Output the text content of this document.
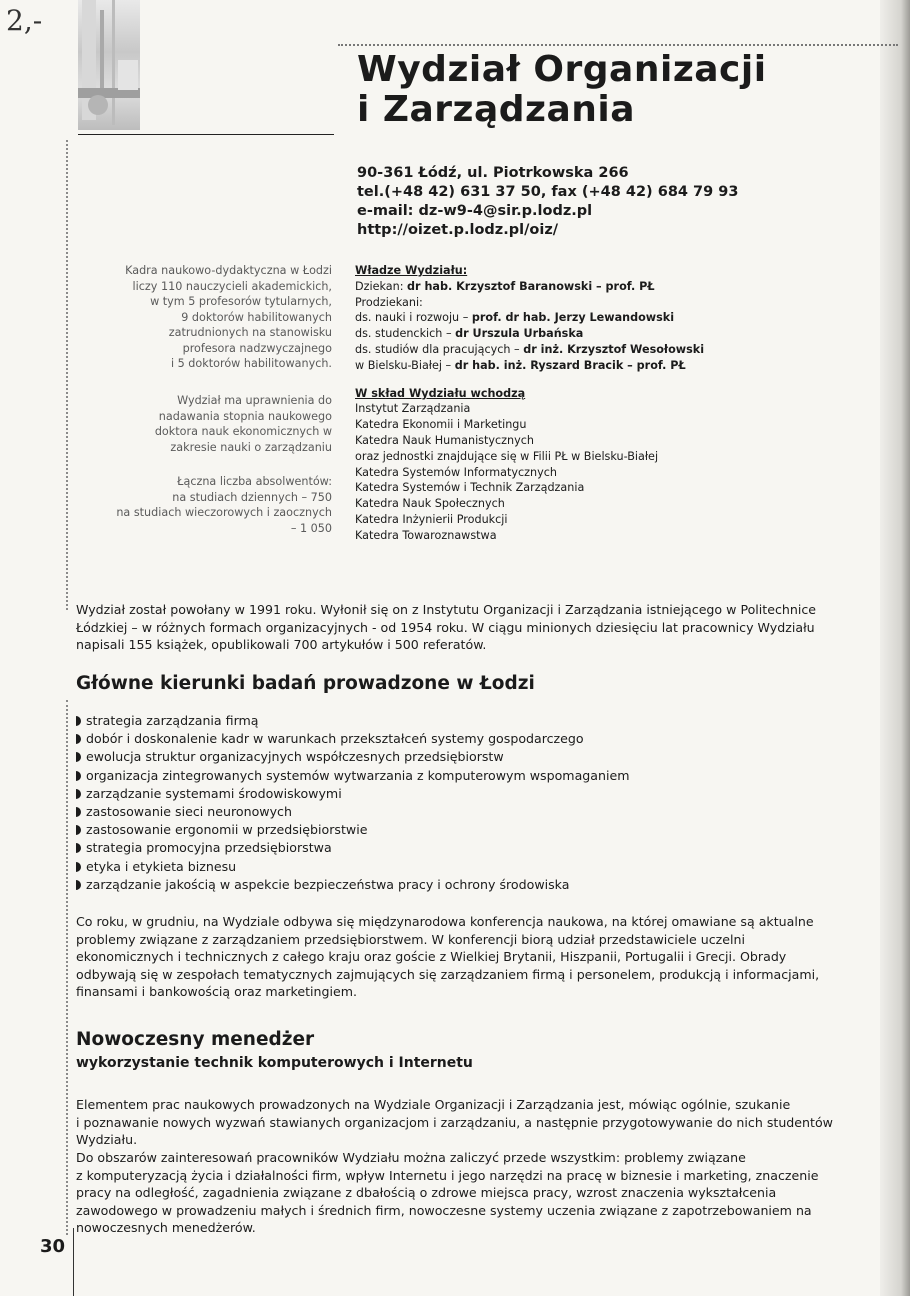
2,-
Wydział Organizacji
i Zarządzania
90-361 Łódź, ul. Piotrkowska 266
tel.(+48 42) 631 37 50, fax (+48 42) 684 79 93
e-mail: dz-w9-4@sir.p.lodz.pl
http://oizet.p.lodz.pl/oiz/

Kadra naukowo-dydaktyczna w Łodzi
liczy 110 nauczycieli akademickich,
w tym 5 profesorów tytularnych,
9 doktorów habilitowanych
zatrudnionych na stanowisku
profesora nadzwyczajnego
i 5 doktorów habilitowanych.

Wydział ma uprawnienia do
nadawania stopnia naukowego
doktora nauk ekonomicznych w
zakresie nauki o zarządzaniu

Łączna liczba absolwentów:
na studiach dziennych – 750
na studiach wieczorowych i zaocznych
– 1 050

Władze Wydziału:
Dziekan: dr hab. Krzysztof Baranowski – prof. PŁ
Prodziekani:
ds. nauki i rozwoju – prof. dr hab. Jerzy Lewandowski
ds. studenckich – dr Urszula Urbańska
ds. studiów dla pracujących – dr inż. Krzysztof Wesołowski
w Bielsku-Białej – dr hab. inż. Ryszard Bracik – prof. PŁ
W skład Wydziału wchodzą
Instytut Zarządzania
Katedra Ekonomii i Marketingu
Katedra Nauk Humanistycznych
oraz jednostki znajdujące się w Filii PŁ w Bielsku-Białej
Katedra Systemów Informatycznych
Katedra Systemów i Technik Zarządzania
Katedra Nauk Społecznych
Katedra Inżynierii Produkcji
Katedra Towaroznawstwa
Wydział został powołany w 1991 roku. Wyłonił się on z Instytutu Organizacji i Zarządzania istniejącego w Politechnice
Łódzkiej – w różnych formach organizacyjnych - od 1954 roku. W ciągu minionych dziesięciu lat pracownicy Wydziału
napisali 155 książek, opublikowali 700 artykułów i 500 referatów.
Główne kierunki badań prowadzone w Łodzi
strategia zarządzania firmą
dobór i doskonalenie kadr w warunkach przekształceń systemy gospodarczego
ewolucja struktur organizacyjnych współczesnych przedsiębiorstw
organizacja zintegrowanych systemów wytwarzania z komputerowym wspomaganiem
zarządzanie systemami środowiskowymi
zastosowanie sieci neuronowych
zastosowanie ergonomii w przedsiębiorstwie
strategia promocyjna przedsiębiorstwa
etyka i etykieta biznesu
zarządzanie jakością w aspekcie bezpieczeństwa pracy i ochrony środowiska
Co roku, w grudniu, na Wydziale odbywa się międzynarodowa konferencja naukowa, na której omawiane są aktualne
problemy związane z zarządzaniem przedsiębiorstwem. W konferencji biorą udział przedstawiciele uczelni
ekonomicznych i technicznych z całego kraju oraz goście z Wielkiej Brytanii, Hiszpanii, Portugalii i Grecji. Obrady
odbywają się w zespołach tematycznych zajmujących się zarządzaniem firmą i personelem, produkcją i informacjami,
finansami i bankowością oraz marketingiem.
Nowoczesny menedżer
wykorzystanie technik komputerowych i Internetu
Elementem prac naukowych prowadzonych na Wydziale Organizacji i Zarządzania jest, mówiąc ogólnie, szukanie
i poznawanie nowych wyzwań stawianych organizacjom i zarządzaniu, a następnie przygotowywanie do nich studentów
Wydziału.
Do obszarów zainteresowań pracowników Wydziału można zaliczyć przede wszystkim: problemy związane
z komputeryzacją życia i działalności firm, wpływ Internetu i jego narzędzi na pracę w biznesie i marketing, znaczenie
pracy na odległość, zagadnienia związane z dbałością o zdrowe miejsca pracy, wzrost znaczenia wykształcenia
zawodowego w prowadzeniu małych i średnich firm, nowoczesne systemy uczenia związane z zapotrzebowaniem na
nowoczesnych menedżerów.
30
